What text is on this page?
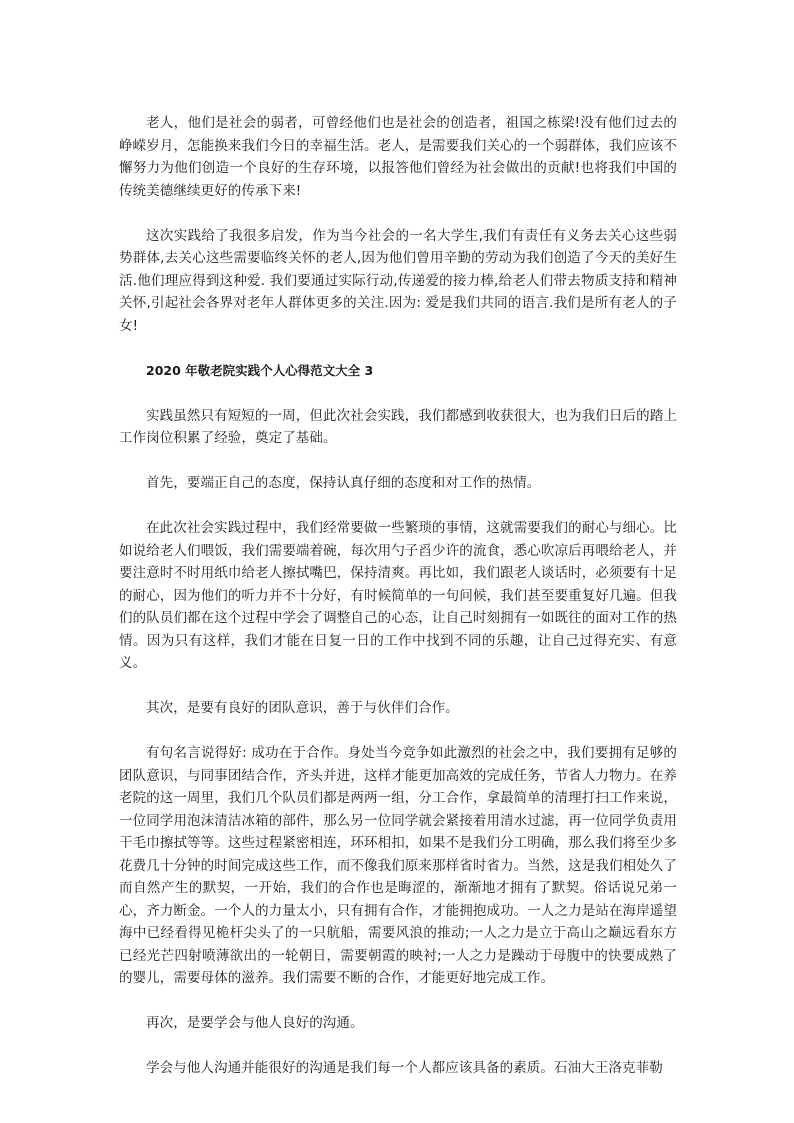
老人，他们是社会的弱者，可曾经他们也是社会的创造者，祖国之栋梁!没有他们过去的峥嵘岁月，怎能换来我们今日的幸福生活。老人，是需要我们关心的一个弱群体，我们应该不懈努力为他们创造一个良好的生存环境，以报答他们曾经为社会做出的贡献!也将我们中国的传统美德继续更好的传承下来!

这次实践给了我很多启发，作为当今社会的一名大学生,我们有责任有义务去关心这些弱势群体,去关心这些需要临终关怀的老人,因为他们曾用辛勤的劳动为我们创造了今天的美好生活.他们理应得到这种爱. 我们要通过实际行动,传递爱的接力棒,给老人们带去物质支持和精神关怀,引起社会各界对老年人群体更多的关注.因为: 爱是我们共同的语言.我们是所有老人的子女!

2020 年敬老院实践个人心得范文大全 3

实践虽然只有短短的一周，但此次社会实践，我们都感到收获很大，也为我们日后的踏上工作岗位积累了经验，奠定了基础。

首先，要端正自己的态度，保持认真仔细的态度和对工作的热情。

在此次社会实践过程中，我们经常要做一些繁琐的事情，这就需要我们的耐心与细心。比如说给老人们喂饭，我们需要端着碗，每次用勺子舀少许的流食，悉心吹凉后再喂给老人，并要注意时不时用纸巾给老人擦拭嘴巴，保持清爽。再比如，我们跟老人谈话时，必须要有十足的耐心，因为他们的听力并不十分好，有时候简单的一句问候，我们甚至要重复好几遍。但我们的队员们都在这个过程中学会了调整自己的心态，让自己时刻拥有一如既往的面对工作的热情。因为只有这样，我们才能在日复一日的工作中找到不同的乐趣，让自己过得充实、有意义。

其次，是要有良好的团队意识，善于与伙伴们合作。

有句名言说得好: 成功在于合作。身处当今竞争如此激烈的社会之中，我们要拥有足够的团队意识，与同事团结合作，齐头并进，这样才能更加高效的完成任务，节省人力物力。在养老院的这一周里，我们几个队员们都是两两一组，分工合作，拿最简单的清理打扫工作来说，一位同学用泡沫清洁冰箱的部件，那么另一位同学就会紧接着用清水过滤，再一位同学负责用干毛巾擦拭等等。这些过程紧密相连，环环相扣，如果不是我们分工明确，那么我们将至少多花费几十分钟的时间完成这些工作，而不像我们原来那样省时省力。当然，这是我们相处久了而自然产生的默契，一开始，我们的合作也是晦涩的，渐渐地才拥有了默契。俗话说兄弟一心，齐力断金。一个人的力量太小，只有拥有合作，才能拥抱成功。一人之力是站在海岸遥望海中已经看得见桅杆尖头了的一只航船，需要风浪的推动;一人之力是立于高山之巅远看东方已经光芒四射喷薄欲出的一轮朝日，需要朝霞的映衬;一人之力是躁动于母腹中的快要成熟了的婴儿，需要母体的滋养。我们需要不断的合作，才能更好地完成工作。

再次，是要学会与他人良好的沟通。

学会与他人沟通并能很好的沟通是我们每一个人都应该具备的素质。石油大王洛克菲勒
